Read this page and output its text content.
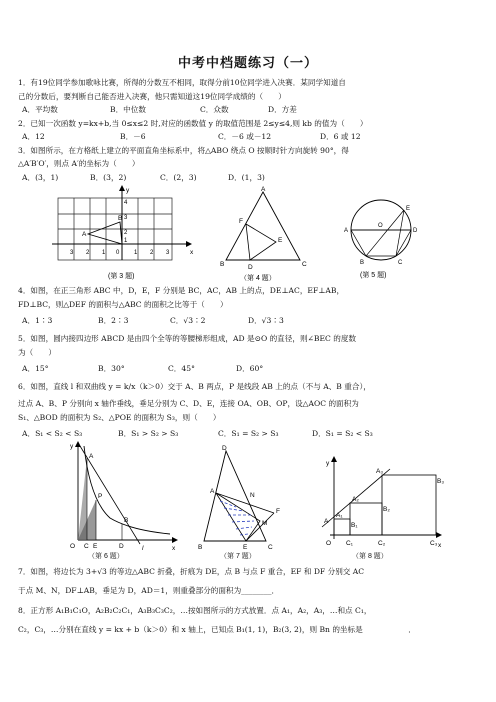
中考中档题练习（一）
1．有19位同学参加歌咏比赛，所得的分数互不相同，取得分前10位同学进入决赛．某同学知道自
己的分数后，要判断自己能否进入决赛，他只需知道这19位同学成绩的（　　）
A．平均数	B．中位数	C．众数	D．方差
2．已知一次函数 y=kx+b,当 0≤x≤2 时,对应的函数值 y 的取值范围是 2≤y≤4,则 kb 的值为（　　）
A．12	B．－6	C．－6 或－12	D．6 或 12
3．如图所示，在方格纸上建立的平面直角坐标系中，将△ABO 绕点 O 按顺时针方向旋转 90°，得
△A′B′O′，则点 A′的坐标为（　　）
A．(3，1)	B．(3，2)	C．(2，3)	D．(1，3)
y
x
A
B
4
3
2
1
3 2 1 0 1 2 3
(第 3 题)
A
B	C
D
E
F
（第 4 题）
A
B	C
D
E
O
(第 5 题)
4．如图，在正三角形 ABC 中，D，E，F 分别是 BC，AC，AB 上的点，DE⊥AC，EF⊥AB，
FD⊥BC，则△DEF 的面积与△ABC 的面积之比等于（　　）
A．1∶3	B．2∶3	C．√3∶2	D．√3∶3
5．如图，圆内接四边形 ABCD 是由四个全等的等腰梯形组成，AD 是⊙O 的直径，则∠BEC 的度数
为（　　）
A．15°	B．30°	C．45°	D．60°
6．如图，直线 l 和双曲线 y = k/x（k＞0）交于 A、B 两点，P 是线段 AB 上的点（不与 A、B 重合），
过点 A、B、P 分别向 x 轴作垂线，垂足分别为 C、D、E，连接 OA、OB、OP，设△AOC 的面积为
S₁、△BOD 的面积为 S₂、△POE 的面积为 S₃，则（　　）
A．S₁ < S₂ < S₃	B．S₁ > S₂ > S₃	C．S₁ = S₂ > S₃	D．S₁ = S₂ < S₃
y
x
O C E	D
A
P
B
l
（第 6 题）
D
B	C
E
F
A
M
N
（第 7 题）
y
x
O
A
A₁
A₂
A₃
B₁
B₂
B₃
C₁	C₂	C₃
（第 8 题）
7．如图，将边长为 3+√3 的等边△ABC 折叠，折痕为 DE，点 B 与点 F 重合，EF 和 DF 分别交 AC
于点 M、N，DF⊥AB，垂足为 D，AD＝1，则重叠部分的面积为________．
8．正方形 A₁B₁C₁O，A₂B₂C₂C₁，A₃B₃C₃C₂，…按如图所示的方式放置．点 A₁，A₂，A₃，…和点 C₁，
C₂，C₃，…分别在直线 y = kx + b（k＞0）和 x 轴上，已知点 B₁(1, 1)，B₂(3, 2)，则 Bn 的坐标是　　　　　　．
